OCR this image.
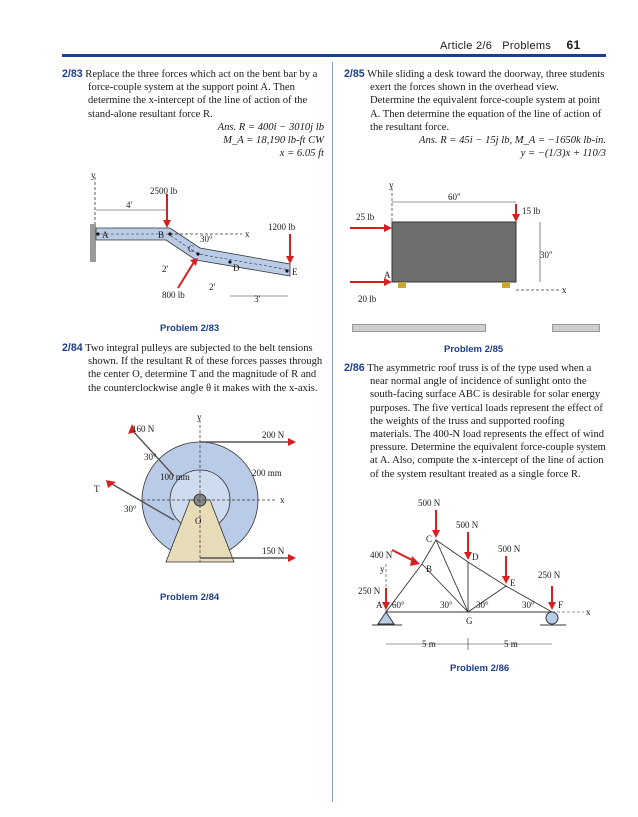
Article 2/6 Problems 61
2/83 Replace the three forces which act on the bent bar by a force-couple system at the support point A. Then determine the x-intercept of the line of action of the stand-alone resultant force R.
Ans. R = 400i − 3010j lb
M_A = 18,190 lb-ft CW
x = 6.05 ft
y
x
A	B
C
D	E
30°
2500 lb
4'
1200 lb
800 lb
2'
2'
3'
Problem 2/83
2/84 Two integral pulleys are subjected to the belt tensions shown. If the resultant R of these forces passes through the center O, determine T and the magnitude of R and the counterclockwise angle θ it makes with the x-axis.
O
y
x
160 N
200 N
150 N
T
30°
30°
100 mm	200 mm
Problem 2/84
2/85 While sliding a desk toward the doorway, three students exert the forces shown in the overhead view. Determine the equivalent force-couple system at point A. Then determine the equation of the line of action of the resultant force.
Ans. R = 45i − 15j lb, M_A = −1650k lb-in.
y = −(1/3)x + 110/3
y
x
60"
30"
25 lb
15 lb
20 lb
A
Problem 2/85
2/86 The asymmetric roof truss is of the type used when a near normal angle of incidence of sunlight onto the south-facing surface ABC is desirable for solar energy purposes. The five vertical loads represent the effect of the weights of the truss and supported roofing materials. The 400-N load represents the effect of wind pressure. Determine the equivalent force-couple system at A. Also, compute the x-intercept of the line of action of the system resultant treated as a single force R.
y
x
A
B
C
D
E
F
G
500 N
500 N
500 N
250 N
250 N
400 N
60°	30°	30°	30°
5 m	5 m
Problem 2/86
